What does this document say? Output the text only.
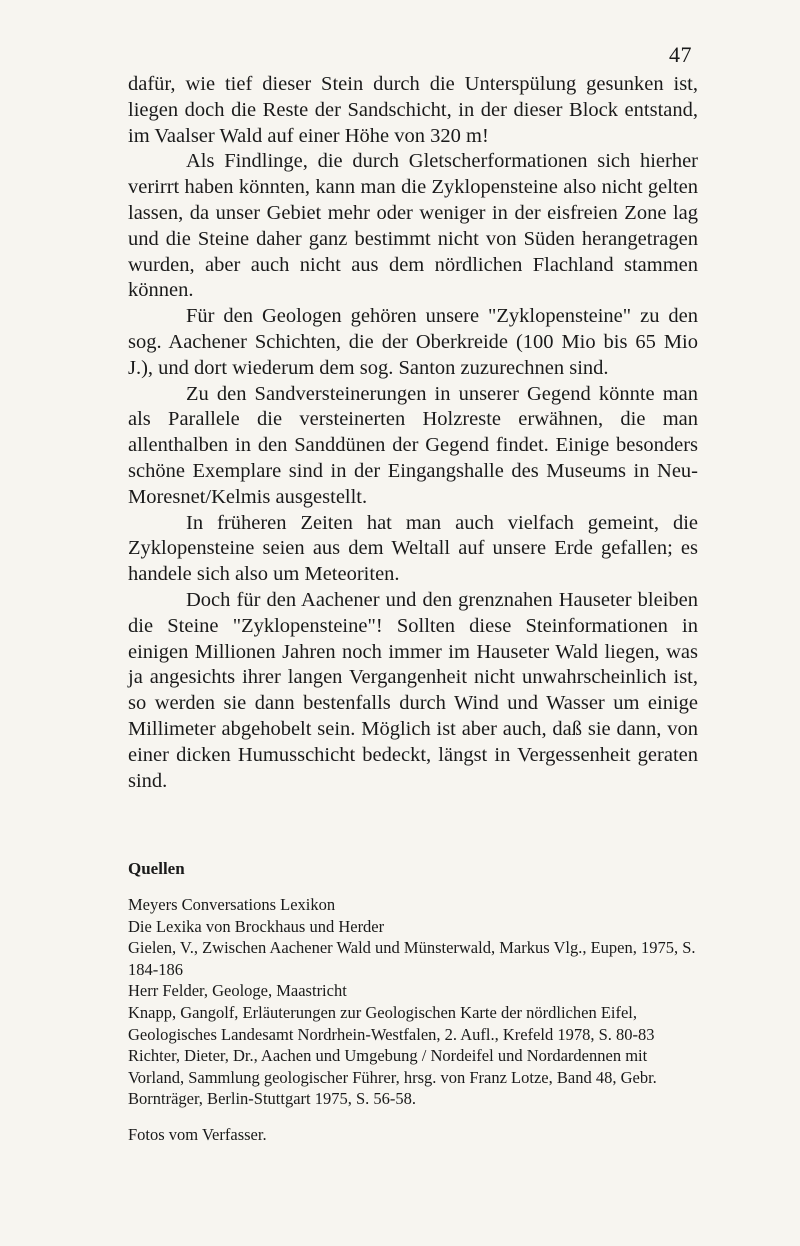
47

dafür, wie tief dieser Stein durch die Unterspülung gesunken ist, liegen doch die Reste der Sandschicht, in der dieser Block entstand, im Vaalser Wald auf einer Höhe von 320 m!

Als Findlinge, die durch Gletscherformationen sich hierher verirrt haben könnten, kann man die Zyklopensteine also nicht gelten lassen, da unser Gebiet mehr oder weniger in der eisfreien Zone lag und die Steine daher ganz bestimmt nicht von Süden herangetragen wurden, aber auch nicht aus dem nördlichen Flachland stammen können.

Für den Geologen gehören unsere "Zyklopensteine" zu den sog. Aachener Schichten, die der Oberkreide (100 Mio bis 65 Mio J.), und dort wiederum dem sog. Santon zuzurechnen sind.

Zu den Sandversteinerungen in unserer Gegend könnte man als Parallele die versteinerten Holzreste erwähnen, die man allenthalben in den Sanddünen der Gegend findet. Einige besonders schöne Exemplare sind in der Eingangshalle des Museums in Neu-Moresnet/Kelmis ausgestellt.

In früheren Zeiten hat man auch vielfach gemeint, die Zyklopensteine seien aus dem Weltall auf unsere Erde gefallen; es handele sich also um Meteoriten.

Doch für den Aachener und den grenznahen Hauseter bleiben die Steine "Zyklopensteine"! Sollten diese Steinformationen in einigen Millionen Jahren noch immer im Hauseter Wald liegen, was ja angesichts ihrer langen Vergangenheit nicht unwahrscheinlich ist, so werden sie dann bestenfalls durch Wind und Wasser um einige Millimeter abgehobelt sein. Möglich ist aber auch, daß sie dann, von einer dicken Humusschicht bedeckt, längst in Vergessenheit geraten sind.

Quellen

Meyers Conversations Lexikon
Die Lexika von Brockhaus und Herder
Gielen, V., Zwischen Aachener Wald und Münsterwald, Markus Vlg., Eupen, 1975, S. 184-186
Herr Felder, Geologe, Maastricht
Knapp, Gangolf, Erläuterungen zur Geologischen Karte der nördlichen Eifel, Geologisches Landesamt Nordrhein-Westfalen, 2. Aufl., Krefeld 1978, S. 80-83
Richter, Dieter, Dr., Aachen und Umgebung / Nordeifel und Nordardennen mit Vorland, Sammlung geologischer Führer, hrsg. von Franz Lotze, Band 48, Gebr. Bornträger, Berlin-Stuttgart 1975, S. 56-58.

Fotos vom Verfasser.
